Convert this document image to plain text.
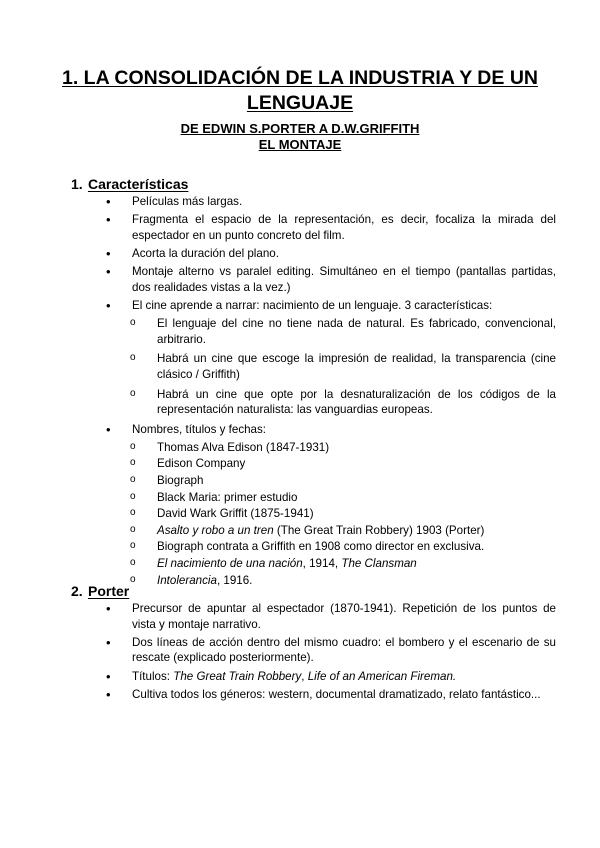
1. LA CONSOLIDACIÓN DE LA INDUSTRIA Y DE UN LENGUAJE
DE EDWIN S.PORTER A D.W.GRIFFITH
EL MONTAJE
1. Características
• Películas más largas.
• Fragmenta el espacio de la representación, es decir, focaliza la mirada del espectador en un punto concreto del film.
• Acorta la duración del plano.
• Montaje alterno vs paralel editing. Simultáneo en el tiempo (pantallas partidas, dos realidades vistas a la vez.)
• El cine aprende a narrar: nacimiento de un lenguaje. 3 características:
o El lenguaje del cine no tiene nada de natural. Es fabricado, convencional, arbitrario.
o Habrá un cine que escoge la impresión de realidad, la transparencia (cine clásico / Griffith)
o Habrá un cine que opte por la desnaturalización de los códigos de la representación naturalista: las vanguardias europeas.
• Nombres, títulos y fechas:
o Thomas Alva Edison (1847-1931)
o Edison Company
o Biograph
o Black Maria: primer estudio
o David Wark Griffit (1875-1941)
o Asalto y robo a un tren (The Great Train Robbery) 1903 (Porter)
o Biograph contrata a Griffith en 1908 como director en exclusiva.
o El nacimiento de una nación, 1914, The Clansman
o Intolerancia, 1916.
2. Porter
• Precursor de apuntar al espectador (1870-1941). Repetición de los puntos de vista y montaje narrativo.
• Dos líneas de acción dentro del mismo cuadro: el bombero y el escenario de su rescate (explicado posteriormente).
• Títulos: The Great Train Robbery, Life of an American Fireman.
• Cultiva todos los géneros: western, documental dramatizado, relato fantástico...
